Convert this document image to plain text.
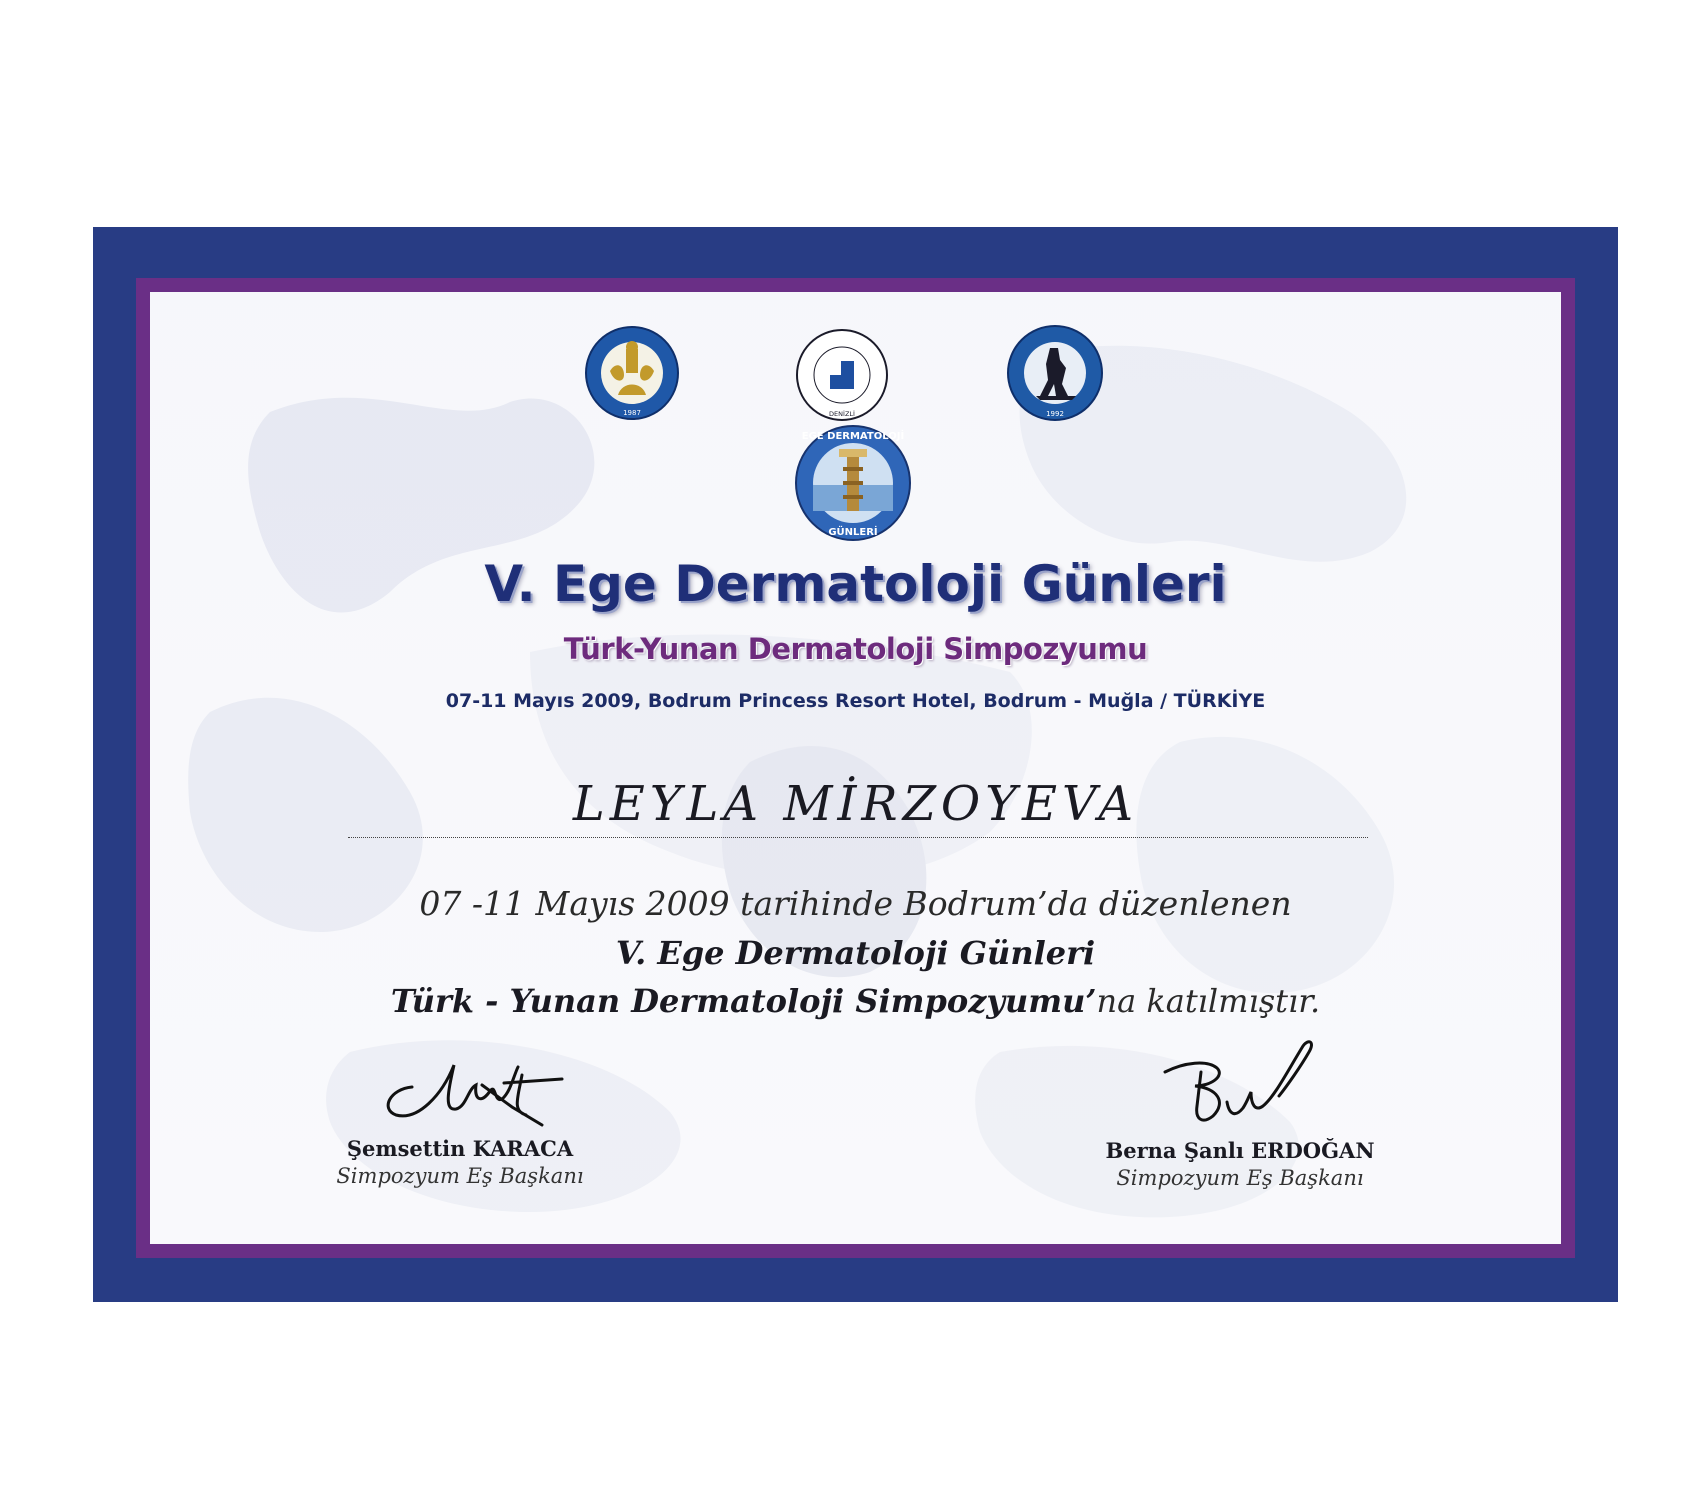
1987	DENİZLİ	1992
EGE DERMATOLOJİ
GÜNLERİ
V. Ege Dermatoloji Günleri
Türk-Yunan Dermatoloji Simpozyumu
07-11 Mayıs 2009, Bodrum Princess Resort Hotel, Bodrum - Muğla / TÜRKİYE
LEYLA MİRZOYEVA
07 -11 Mayıs 2009 tarihinde Bodrum’da düzenlenen
V. Ege Dermatoloji Günleri
Türk - Yunan Dermatoloji Simpozyumu’na katılmıştır.
Şemsettin KARACA
Simpozyum Eş Başkanı
Berna Şanlı ERDOĞAN
Simpozyum Eş Başkanı
